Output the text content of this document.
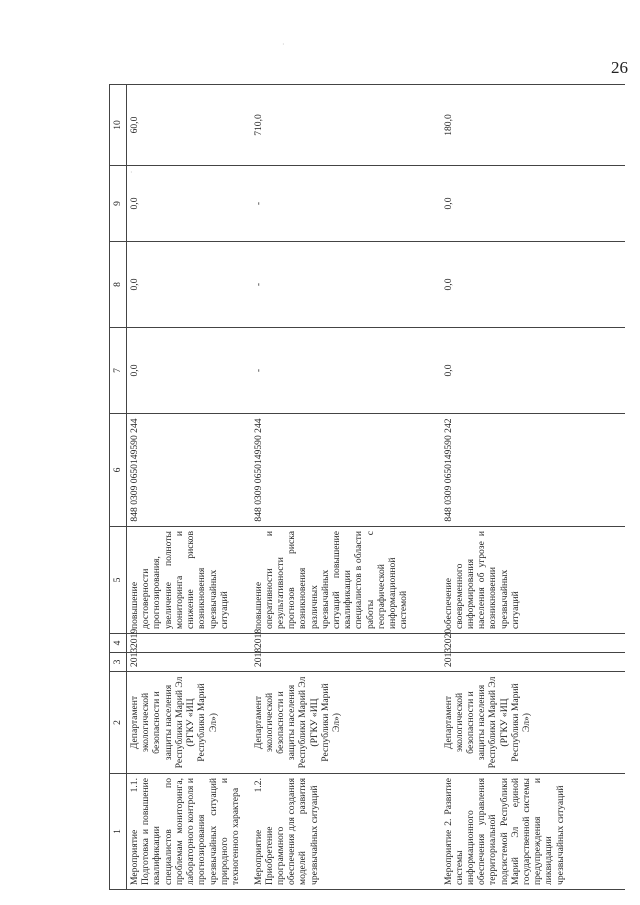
26
·
·
1	2	3	4	5	6	7	8	9	10
Мероприятие 1.1. Подготовка и повышение квалификации специалистов по проблемам мониторинга, лабораторного контроля и прогнозирования чрезвычайных ситуаций природного и техногенного характера	Департамент экологической безопасности и защиты населения Республики Марий Эл (РГКУ «ИЦ Республики Марий Эл»)	2013	2019	повышение достоверности прогнозирования, увеличение полноты мониторинга и снижение рисков возникновения чрезвычайных ситуаций	848 0309 0650149590 244	0,0	0,0	0,0	60,0
Мероприятие 1.2. Приобретение программного обеспечения для создания моделей развития чрезвычайных ситуаций	Департамент экологической безопасности и защиты населения Республики Марий Эл (РГКУ «ИЦ Республики Марий Эл»)	2018	2018	повышение оперативности и результативности прогнозов риска возникновения различных чрезвычайных ситуаций повышение квалификации специалистов в области работы с географической информационной системой	848 0309 0650149590 244	-	-	-	710,0
Мероприятие 2. Развитие системы информационного обеспечения управления территориальной подсистемой Республики Марий Эл единой государственной системы предупреждения и ликвидации чрезвычайных ситуаций	Департамент экологической безопасности и защиты населения Республики Марий Эл (РГКУ «ИЦ Республики Марий Эл»)	2013	2020	обеспечение своевременного информирования населения об угрозе и возникновении чрезвычайных ситуаций	848 0309 0650149590 242	0,0	0,0	0,0	180,0
